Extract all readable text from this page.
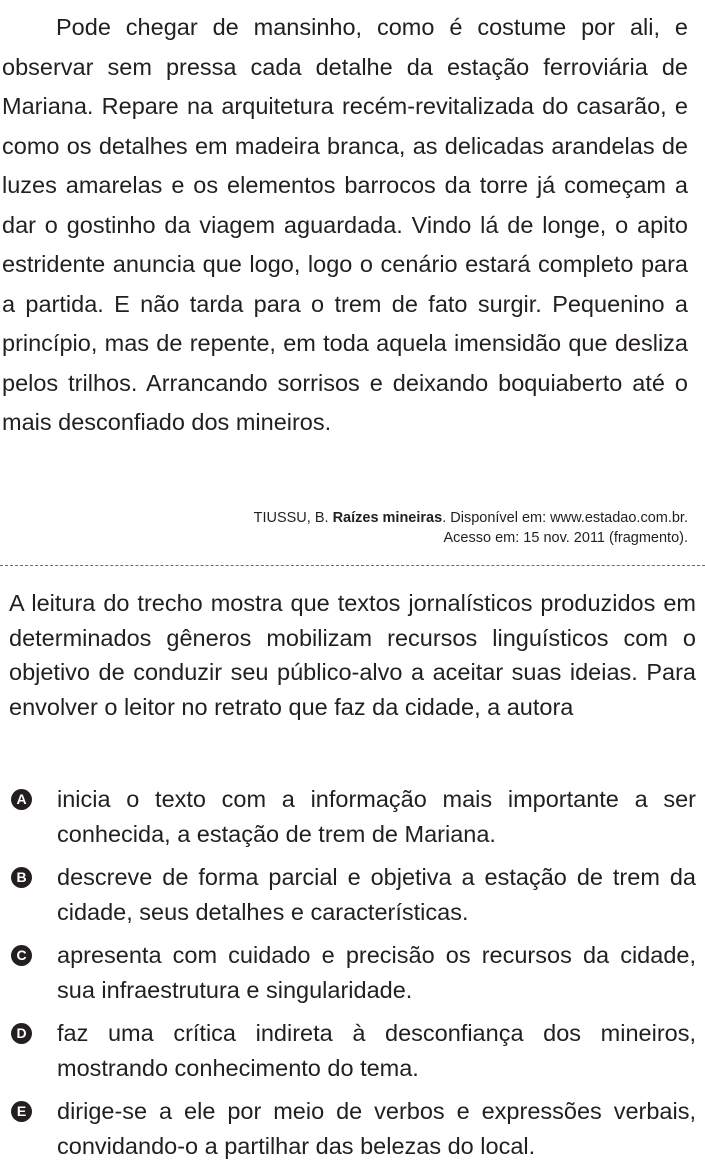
Pode chegar de mansinho, como é costume por ali, e observar sem pressa cada detalhe da estação ferroviária de Mariana. Repare na arquitetura recém-revitalizada do casarão, e como os detalhes em madeira branca, as delicadas arandelas de luzes amarelas e os elementos barrocos da torre já começam a dar o gostinho da viagem aguardada. Vindo lá de longe, o apito estridente anuncia que logo, logo o cenário estará completo para a partida. E não tarda para o trem de fato surgir. Pequenino a princípio, mas de repente, em toda aquela imensidão que desliza pelos trilhos. Arrancando sorrisos e deixando boquiaberto até o mais desconfiado dos mineiros.

TIUSSU, B. Raízes mineiras. Disponível em: www.estadao.com.br.
Acesso em: 15 nov. 2011 (fragmento).

A leitura do trecho mostra que textos jornalísticos produzidos em determinados gêneros mobilizam recursos linguísticos com o objetivo de conduzir seu público-alvo a aceitar suas ideias. Para envolver o leitor no retrato que faz da cidade, a autora

A inicia o texto com a informação mais importante a ser conhecida, a estação de trem de Mariana.
B descreve de forma parcial e objetiva a estação de trem da cidade, seus detalhes e características.
C apresenta com cuidado e precisão os recursos da cidade, sua infraestrutura e singularidade.
D faz uma crítica indireta à desconfiança dos mineiros, mostrando conhecimento do tema.
E dirige-se a ele por meio de verbos e expressões verbais, convidando-o a partilhar das belezas do local.
